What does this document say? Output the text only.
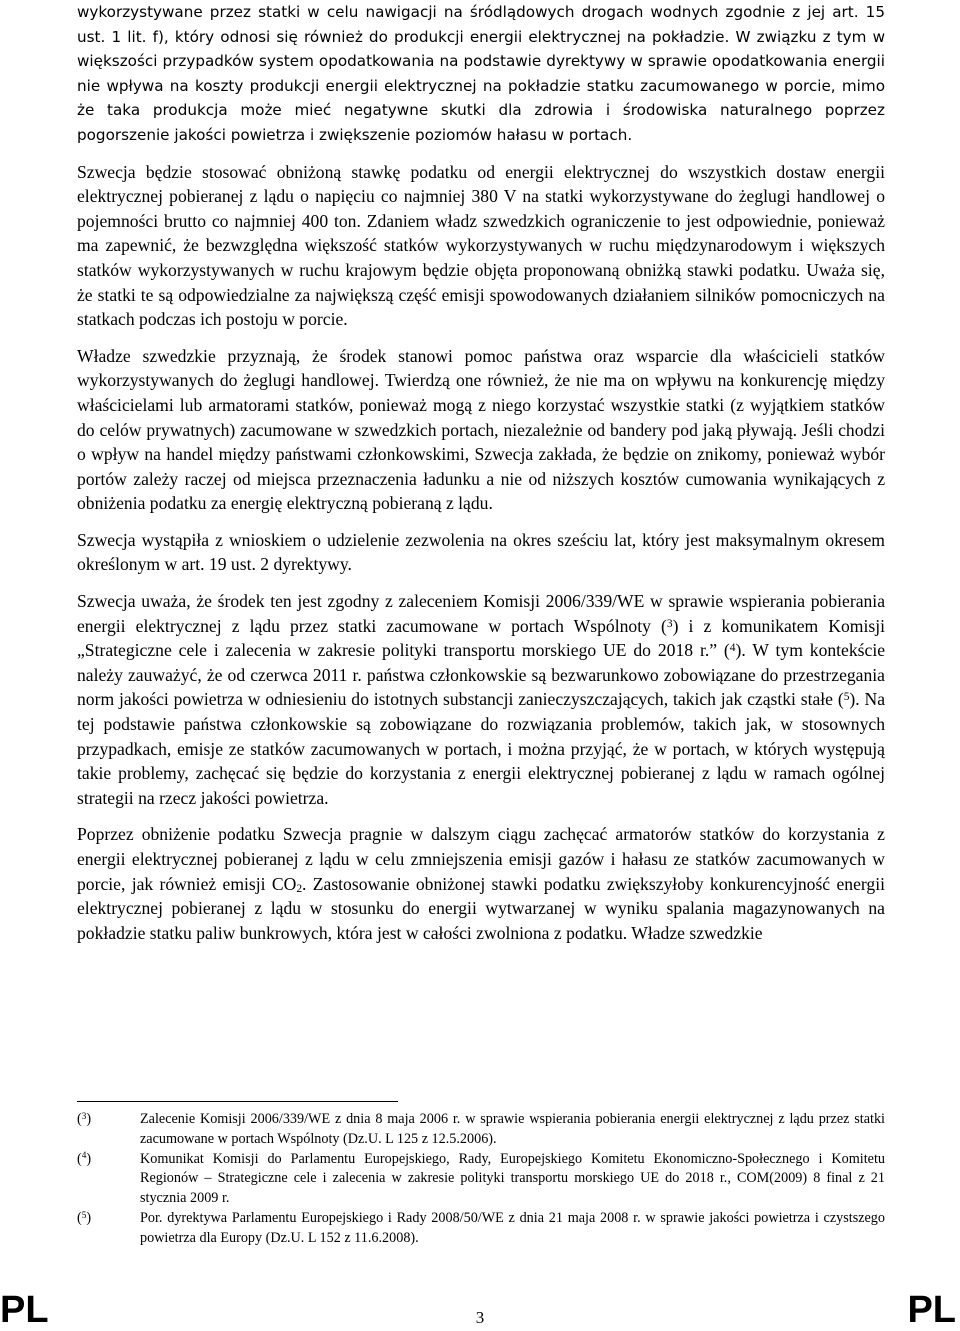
wykorzystywane przez statki w celu nawigacji na śródlądowych drogach wodnych zgodnie z jej art. 15 ust. 1 lit. f), który odnosi się również do produkcji energii elektrycznej na pokładzie. W związku z tym w większości przypadków system opodatkowania na podstawie dyrektywy w sprawie opodatkowania energii nie wpływa na koszty produkcji energii elektrycznej na pokładzie statku zacumowanego w porcie, mimo że taka produkcja może mieć negatywne skutki dla zdrowia i środowiska naturalnego poprzez pogorszenie jakości powietrza i zwiększenie poziomów hałasu w portach.

Szwecja będzie stosować obniżoną stawkę podatku od energii elektrycznej do wszystkich dostaw energii elektrycznej pobieranej z lądu o napięciu co najmniej 380 V na statki wykorzystywane do żeglugi handlowej o pojemności brutto co najmniej 400 ton. Zdaniem władz szwedzkich ograniczenie to jest odpowiednie, ponieważ ma zapewnić, że bezwzględna większość statków wykorzystywanych w ruchu międzynarodowym i większych statków wykorzystywanych w ruchu krajowym będzie objęta proponowaną obniżką stawki podatku. Uważa się, że statki te są odpowiedzialne za największą część emisji spowodowanych działaniem silników pomocniczych na statkach podczas ich postoju w porcie.

Władze szwedzkie przyznają, że środek stanowi pomoc państwa oraz wsparcie dla właścicieli statków wykorzystywanych do żeglugi handlowej. Twierdzą one również, że nie ma on wpływu na konkurencję między właścicielami lub armatorami statków, ponieważ mogą z niego korzystać wszystkie statki (z wyjątkiem statków do celów prywatnych) zacumowane w szwedzkich portach, niezależnie od bandery pod jaką pływają. Jeśli chodzi o wpływ na handel między państwami członkowskimi, Szwecja zakłada, że będzie on znikomy, ponieważ wybór portów zależy raczej od miejsca przeznaczenia ładunku a nie od niższych kosztów cumowania wynikających z obniżenia podatku za energię elektryczną pobieraną z lądu.

Szwecja wystąpiła z wnioskiem o udzielenie zezwolenia na okres sześciu lat, który jest maksymalnym okresem określonym w art. 19 ust. 2 dyrektywy.

Szwecja uważa, że środek ten jest zgodny z zaleceniem Komisji 2006/339/WE w sprawie wspierania pobierania energii elektrycznej z lądu przez statki zacumowane w portach Wspólnoty ($^3$) i z komunikatem Komisji „Strategiczne cele i zalecenia w zakresie polityki transportu morskiego UE do 2018 r.” ($^4$). W tym kontekście należy zauważyć, że od czerwca 2011 r. państwa członkowskie są bezwarunkowo zobowiązane do przestrzegania norm jakości powietrza w odniesieniu do istotnych substancji zanieczyszczających, takich jak cząstki stałe ($^5$). Na tej podstawie państwa członkowskie są zobowiązane do rozwiązania problemów, takich jak, w stosownych przypadkach, emisje ze statków zacumowanych w portach, i można przyjąć, że w portach, w których występują takie problemy, zachęcać się będzie do korzystania z energii elektrycznej pobieranej z lądu w ramach ogólnej strategii na rzecz jakości powietrza.

Poprzez obniżenie podatku Szwecja pragnie w dalszym ciągu zachęcać armatorów statków do korzystania z energii elektrycznej pobieranej z lądu w celu zmniejszenia emisji gazów i hałasu ze statków zacumowanych w porcie, jak również emisji $CO_2$. Zastosowanie obniżonej stawki podatku zwiększyłoby konkurencyjność energii elektrycznej pobieranej z lądu w stosunku do energii wytwarzanej w wyniku spalania magazynowanych na pokładzie statku paliw bunkrowych, która jest w całości zwolniona z podatku. Władze szwedzkie

($^3$)	Zalecenie Komisji 2006/339/WE z dnia 8 maja 2006 r. w sprawie wspierania pobierania energii elektrycznej z lądu przez statki zacumowane w portach Wspólnoty (Dz.U. L 125 z 12.5.2006).
($^4$)	Komunikat Komisji do Parlamentu Europejskiego, Rady, Europejskiego Komitetu Ekonomiczno-Społecznego i Komitetu Regionów – Strategiczne cele i zalecenia w zakresie polityki transportu morskiego UE do 2018 r., COM(2009) 8 final z 21 stycznia 2009 r.
($^5$)	Por. dyrektywa Parlamentu Europejskiego i Rady 2008/50/WE z dnia 21 maja 2008 r. w sprawie jakości powietrza i czystszego powietrza dla Europy (Dz.U. L 152 z 11.6.2008).
PL	3	PL
